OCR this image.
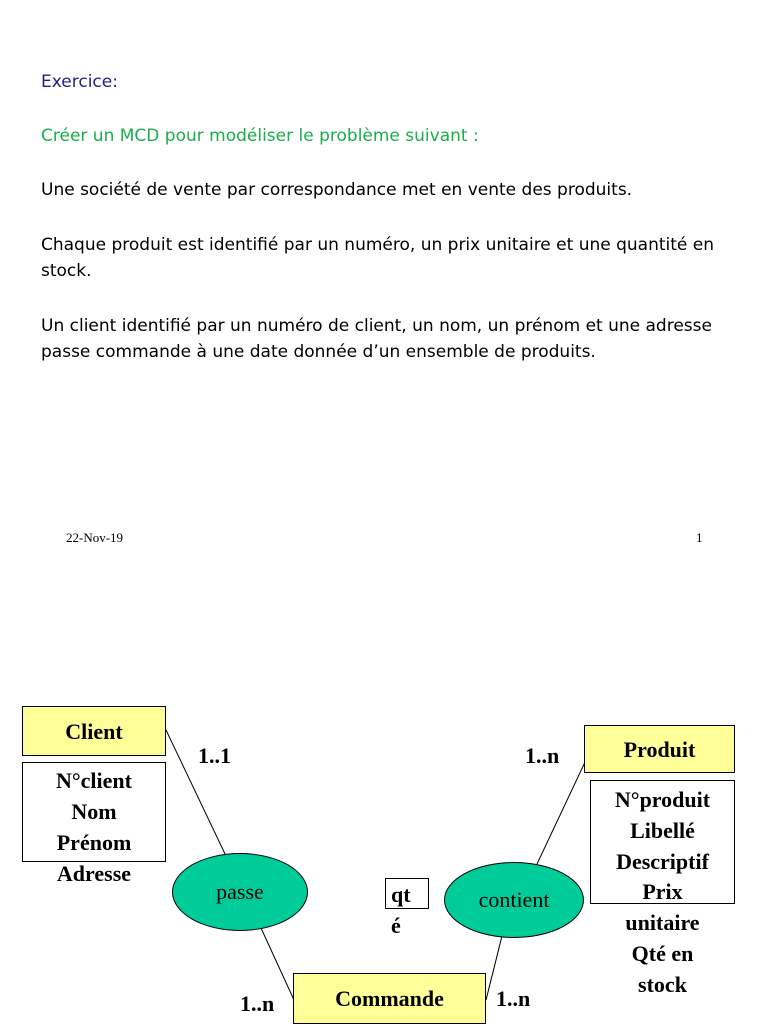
Exercice:
Créer un MCD pour modéliser le problème suivant :
Une société de vente par correspondance met en vente des produits.
Chaque produit est identifié par un numéro, un prix unitaire et une quantité en stock.
Un client identifié par un numéro de client, un nom, un prénom et une adresse passe commande à une date donnée d’un ensemble de produits.
22-Nov-19	1
Client
N°client
Nom
Prénom
Adresse
Produit
N°produit
Libellé
Descriptif
Prix
unitaire
Qté en
stock
passe	contient
Commande
qt
é
1..1
1..n
1..n
1..n
